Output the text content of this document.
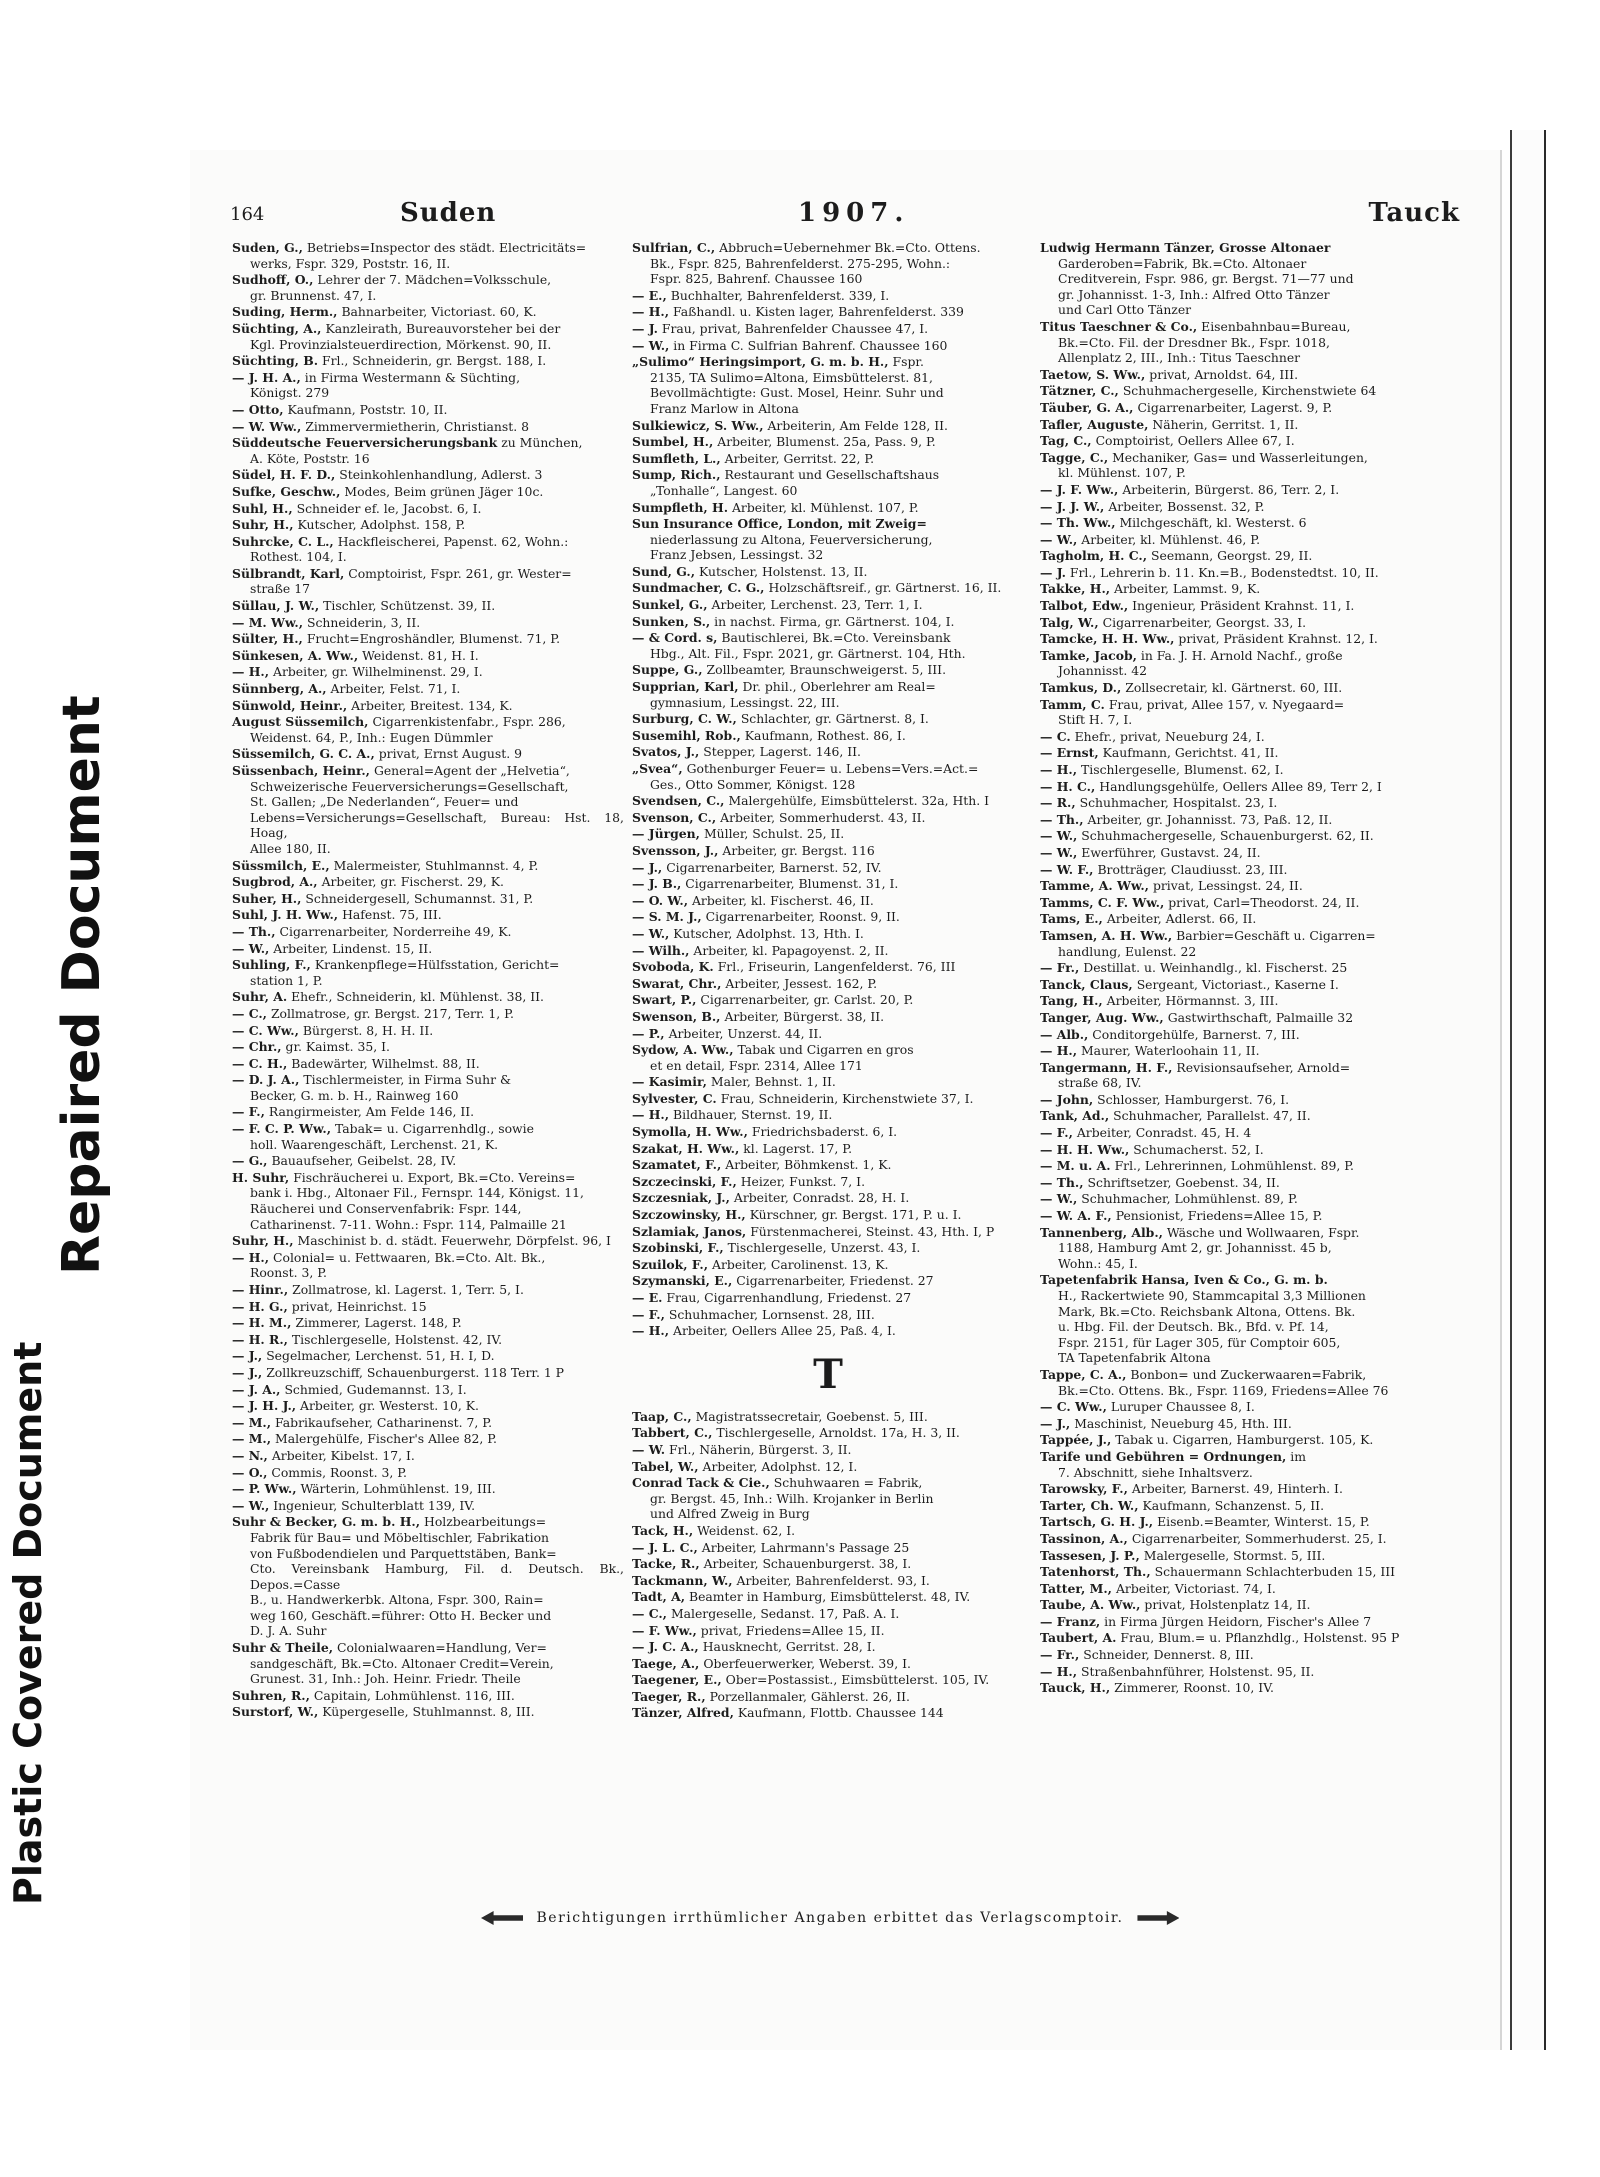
Plastic Covered Document
Repaired Document
164	Suden	1907.	Tauck
Suden, G., Betriebs=Inspector des städt. Electricitäts=
werks, Fspr. 329, Poststr. 16, II.
Sudhoff, O., Lehrer der 7. Mädchen=Volksschule,
gr. Brunnenst. 47, I.
Suding, Herm., Bahnarbeiter, Victoriast. 60, K.
Süchting, A., Kanzleirath, Bureauvorsteher bei der
Kgl. Provinzialsteuerdirection, Mörkenst. 90, II.
Süchting, B. Frl., Schneiderin, gr. Bergst. 188, I.
— J. H. A., in Firma Westermann & Süchting,
Königst. 279
— Otto, Kaufmann, Poststr. 10, II.
— W. Ww., Zimmervermietherin, Christianst. 8
Süddeutsche Feuerversicherungsbank zu München,
A. Köte, Poststr. 16
Südel, H. F. D., Steinkohlenhandlung, Adlerst. 3
Sufke, Geschw., Modes, Beim grünen Jäger 10c.
Suhl, H., Schneider ef. le, Jacobst. 6, I.
Suhr, H., Kutscher, Adolphst. 158, P.
Suhrcke, C. L., Hackfleischerei, Papenst. 62, Wohn.:
Rothest. 104, I.
Sülbrandt, Karl, Comptoirist, Fspr. 261, gr. Wester=
straße 17
Süllau, J. W., Tischler, Schützenst. 39, II.
— M. Ww., Schneiderin, 3, II.
Sülter, H., Frucht=Engroshändler, Blumenst. 71, P.
Sünkesen, A. Ww., Weidenst. 81, H. I.
— H., Arbeiter, gr. Wilhelminenst. 29, I.
Sünnberg, A., Arbeiter, Felst. 71, I.
Sünwold, Heinr., Arbeiter, Breitest. 134, K.
August Süssemilch, Cigarrenkistenfabr., Fspr. 286,
Weidenst. 64, P., Inh.: Eugen Dümmler
Süssemilch, G. C. A., privat, Ernst August. 9
Süssenbach, Heinr., General=Agent der „Helvetia“,
Schweizerische Feuerversicherungs=Gesellschaft,
St. Gallen; „De Nederlanden“, Feuer= und
Lebens=Versicherungs=Gesellschaft, Bureau: Hst. 18, Hoag,
Allee 180, II.
Süssmilch, E., Malermeister, Stuhlmannst. 4, P.
Sugbrod, A., Arbeiter, gr. Fischerst. 29, K.
Suher, H., Schneidergesell, Schumannst. 31, P.
Suhl, J. H. Ww., Hafenst. 75, III.
— Th., Cigarrenarbeiter, Norderreihe 49, K.
— W., Arbeiter, Lindenst. 15, II.
Suhling, F., Krankenpflege=Hülfsstation, Gericht=
station 1, P.
Suhr, A. Ehefr., Schneiderin, kl. Mühlenst. 38, II.
— C., Zollmatrose, gr. Bergst. 217, Terr. 1, P.
— C. Ww., Bürgerst. 8, H. H. II.
— Chr., gr. Kaimst. 35, I.
— C. H., Badewärter, Wilhelmst. 88, II.
— D. J. A., Tischlermeister, in Firma Suhr &
Becker, G. m. b. H., Rainweg 160
— F., Rangirmeister, Am Felde 146, II.
— F. C. P. Ww., Tabak= u. Cigarrenhdlg., sowie
holl. Waarengeschäft, Lerchenst. 21, K.
— G., Bauaufseher, Geibelst. 28, IV.
H. Suhr, Fischräucherei u. Export, Bk.=Cto. Vereins=
bank i. Hbg., Altonaer Fil., Fernspr. 144, Königst. 11,
Räucherei und Conservenfabrik: Fspr. 144,
Catharinenst. 7-11. Wohn.: Fspr. 114, Palmaille 21
Suhr, H., Maschinist b. d. städt. Feuerwehr, Dörpfelst. 96, I
— H., Colonial= u. Fettwaaren, Bk.=Cto. Alt. Bk.,
Roonst. 3, P.
— Hinr., Zollmatrose, kl. Lagerst. 1, Terr. 5, I.
— H. G., privat, Heinrichst. 15
— H. M., Zimmerer, Lagerst. 148, P.
— H. R., Tischlergeselle, Holstenst. 42, IV.
— J., Segelmacher, Lerchenst. 51, H. I, D.
— J., Zollkreuzschiff, Schauenburgerst. 118 Terr. 1 P
— J. A., Schmied, Gudemannst. 13, I.
— J. H. J., Arbeiter, gr. Westerst. 10, K.
— M., Fabrikaufseher, Catharinenst. 7, P.
— M., Malergehülfe, Fischer's Allee 82, P.
— N., Arbeiter, Kibelst. 17, I.
— O., Commis, Roonst. 3, P.
— P. Ww., Wärterin, Lohmühlenst. 19, III.
— W., Ingenieur, Schulterblatt 139, IV.
Suhr & Becker, G. m. b. H., Holzbearbeitungs=
Fabrik für Bau= und Möbeltischler, Fabrikation
von Fußbodendielen und Parquettstäben, Bank=
Cto. Vereinsbank Hamburg, Fil. d. Deutsch. Bk., Depos.=Casse
B., u. Handwerkerbk. Altona, Fspr. 300, Rain=
weg 160, Geschäft.=führer: Otto H. Becker und
D. J. A. Suhr
Suhr & Theile, Colonialwaaren=Handlung, Ver=
sandgeschäft, Bk.=Cto. Altonaer Credit=Verein,
Grunest. 31, Inh.: Joh. Heinr. Friedr. Theile
Suhren, R., Capitain, Lohmühlenst. 116, III.
Surstorf, W., Küpergeselle, Stuhlmannst. 8, III.
Sulfrian, C., Abbruch=Uebernehmer Bk.=Cto. Ottens.
Bk., Fspr. 825, Bahrenfelderst. 275-295, Wohn.:
Fspr. 825, Bahrenf. Chaussee 160
— E., Buchhalter, Bahrenfelderst. 339, I.
— H., Faßhandl. u. Kisten lager, Bahrenfelderst. 339
— J. Frau, privat, Bahrenfelder Chaussee 47, I.
— W., in Firma C. Sulfrian Bahrenf. Chaussee 160
„Sulimo“ Heringsimport, G. m. b. H., Fspr.
2135, TA Sulimo=Altona, Eimsbüttelerst. 81,
Bevollmächtigte: Gust. Mosel, Heinr. Suhr und
Franz Marlow in Altona
Sulkiewicz, S. Ww., Arbeiterin, Am Felde 128, II.
Sumbel, H., Arbeiter, Blumenst. 25a, Pass. 9, P.
Sumfleth, L., Arbeiter, Gerritst. 22, P.
Sump, Rich., Restaurant und Gesellschaftshaus
„Tonhalle“, Langest. 60
Sumpfleth, H. Arbeiter, kl. Mühlenst. 107, P.
Sun Insurance Office, London, mit Zweig=
niederlassung zu Altona, Feuerversicherung,
Franz Jebsen, Lessingst. 32
Sund, G., Kutscher, Holstenst. 13, II.
Sundmacher, C. G., Holzschäftsreif., gr. Gärtnerst. 16, II.
Sunkel, G., Arbeiter, Lerchenst. 23, Terr. 1, I.
Sunken, S., in nachst. Firma, gr. Gärtnerst. 104, I.
— & Cord. s, Bautischlerei, Bk.=Cto. Vereinsbank
Hbg., Alt. Fil., Fspr. 2021, gr. Gärtnerst. 104, Hth.
Suppe, G., Zollbeamter, Braunschweigerst. 5, III.
Supprian, Karl, Dr. phil., Oberlehrer am Real=
gymnasium, Lessingst. 22, III.
Surburg, C. W., Schlachter, gr. Gärtnerst. 8, I.
Susemihl, Rob., Kaufmann, Rothest. 86, I.
Svatos, J., Stepper, Lagerst. 146, II.
„Svea“, Gothenburger Feuer= u. Lebens=Vers.=Act.=
Ges., Otto Sommer, Königst. 128
Svendsen, C., Malergehülfe, Eimsbüttelerst. 32a, Hth. I
Svenson, C., Arbeiter, Sommerhuderst. 43, II.
— Jürgen, Müller, Schulst. 25, II.
Svensson, J., Arbeiter, gr. Bergst. 116
— J., Cigarrenarbeiter, Barnerst. 52, IV.
— J. B., Cigarrenarbeiter, Blumenst. 31, I.
— O. W., Arbeiter, kl. Fischerst. 46, II.
— S. M. J., Cigarrenarbeiter, Roonst. 9, II.
— W., Kutscher, Adolphst. 13, Hth. I.
— Wilh., Arbeiter, kl. Papagoyenst. 2, II.
Svoboda, K. Frl., Friseurin, Langenfelderst. 76, III
Swarat, Chr., Arbeiter, Jessest. 162, P.
Swart, P., Cigarrenarbeiter, gr. Carlst. 20, P.
Swenson, B., Arbeiter, Bürgerst. 38, II.
— P., Arbeiter, Unzerst. 44, II.
Sydow, A. Ww., Tabak und Cigarren en gros
et en detail, Fspr. 2314, Allee 171
— Kasimir, Maler, Behnst. 1, II.
Sylvester, C. Frau, Schneiderin, Kirchenstwiete 37, I.
— H., Bildhauer, Sternst. 19, II.
Symolla, H. Ww., Friedrichsbaderst. 6, I.
Szakat, H. Ww., kl. Lagerst. 17, P.
Szamatet, F., Arbeiter, Böhmkenst. 1, K.
Szczecinski, F., Heizer, Funkst. 7, I.
Szczesniak, J., Arbeiter, Conradst. 28, H. I.
Szczowinsky, H., Kürschner, gr. Bergst. 171, P. u. I.
Szlamiak, Janos, Fürstenmacherei, Steinst. 43, Hth. I, P
Szobinski, F., Tischlergeselle, Unzerst. 43, I.
Szuilok, F., Arbeiter, Carolinenst. 13, K.
Szymanski, E., Cigarrenarbeiter, Friedenst. 27
— E. Frau, Cigarrenhandlung, Friedenst. 27
— F., Schuhmacher, Lornsenst. 28, III.
— H., Arbeiter, Oellers Allee 25, Paß. 4, I.
T
Taap, C., Magistratssecretair, Goebenst. 5, III.
Tabbert, C., Tischlergeselle, Arnoldst. 17a, H. 3, II.
— W. Frl., Näherin, Bürgerst. 3, II.
Tabel, W., Arbeiter, Adolphst. 12, I.
Conrad Tack & Cie., Schuhwaaren = Fabrik,
gr. Bergst. 45, Inh.: Wilh. Krojanker in Berlin
und Alfred Zweig in Burg
Tack, H., Weidenst. 62, I.
— J. L. C., Arbeiter, Lahrmann's Passage 25
Tacke, R., Arbeiter, Schauenburgerst. 38, I.
Tackmann, W., Arbeiter, Bahrenfelderst. 93, I.
Tadt, A, Beamter in Hamburg, Eimsbüttelerst. 48, IV.
— C., Malergeselle, Sedanst. 17, Paß. A. I.
— F. Ww., privat, Friedens=Allee 15, II.
— J. C. A., Hausknecht, Gerritst. 28, I.
Taege, A., Oberfeuerwerker, Weberst. 39, I.
Taegener, E., Ober=Postassist., Eimsbüttelerst. 105, IV.
Taeger, R., Porzellanmaler, Gählerst. 26, II.
Tänzer, Alfred, Kaufmann, Flottb. Chaussee 144
Ludwig Hermann Tänzer, Grosse Altonaer
Garderoben=Fabrik, Bk.=Cto. Altonaer
Creditverein, Fspr. 986, gr. Bergst. 71—77 und
gr. Johannisst. 1-3, Inh.: Alfred Otto Tänzer
und Carl Otto Tänzer
Titus Taeschner & Co., Eisenbahnbau=Bureau,
Bk.=Cto. Fil. der Dresdner Bk., Fspr. 1018,
Allenplatz 2, III., Inh.: Titus Taeschner
Taetow, S. Ww., privat, Arnoldst. 64, III.
Tätzner, C., Schuhmachergeselle, Kirchenstwiete 64
Täuber, G. A., Cigarrenarbeiter, Lagerst. 9, P.
Tafler, Auguste, Näherin, Gerritst. 1, II.
Tag, C., Comptoirist, Oellers Allee 67, I.
Tagge, C., Mechaniker, Gas= und Wasserleitungen,
kl. Mühlenst. 107, P.
— J. F. Ww., Arbeiterin, Bürgerst. 86, Terr. 2, I.
— J. J. W., Arbeiter, Bossenst. 32, P.
— Th. Ww., Milchgeschäft, kl. Westerst. 6
— W., Arbeiter, kl. Mühlenst. 46, P.
Tagholm, H. C., Seemann, Georgst. 29, II.
— J. Frl., Lehrerin b. 11. Kn.=B., Bodenstedtst. 10, II.
Takke, H., Arbeiter, Lammst. 9, K.
Talbot, Edw., Ingenieur, Präsident Krahnst. 11, I.
Talg, W., Cigarrenarbeiter, Georgst. 33, I.
Tamcke, H. H. Ww., privat, Präsident Krahnst. 12, I.
Tamke, Jacob, in Fa. J. H. Arnold Nachf., große
Johannisst. 42
Tamkus, D., Zollsecretair, kl. Gärtnerst. 60, III.
Tamm, C. Frau, privat, Allee 157, v. Nyegaard=
Stift H. 7, I.
— C. Ehefr., privat, Neueburg 24, I.
— Ernst, Kaufmann, Gerichtst. 41, II.
— H., Tischlergeselle, Blumenst. 62, I.
— H. C., Handlungsgehülfe, Oellers Allee 89, Terr 2, I
— R., Schuhmacher, Hospitalst. 23, I.
— Th., Arbeiter, gr. Johannisst. 73, Paß. 12, II.
— W., Schuhmachergeselle, Schauenburgerst. 62, II.
— W., Ewerführer, Gustavst. 24, II.
— W. F., Brotträger, Claudiusst. 23, III.
Tamme, A. Ww., privat, Lessingst. 24, II.
Tamms, C. F. Ww., privat, Carl=Theodorst. 24, II.
Tams, E., Arbeiter, Adlerst. 66, II.
Tamsen, A. H. Ww., Barbier=Geschäft u. Cigarren=
handlung, Eulenst. 22
— Fr., Destillat. u. Weinhandlg., kl. Fischerst. 25
Tanck, Claus, Sergeant, Victoriast., Kaserne I.
Tang, H., Arbeiter, Hörmannst. 3, III.
Tanger, Aug. Ww., Gastwirthschaft, Palmaille 32
— Alb., Conditorgehülfe, Barnerst. 7, III.
— H., Maurer, Waterloohain 11, II.
Tangermann, H. F., Revisionsaufseher, Arnold=
straße 68, IV.
— John, Schlosser, Hamburgerst. 76, I.
Tank, Ad., Schuhmacher, Parallelst. 47, II.
— F., Arbeiter, Conradst. 45, H. 4
— H. H. Ww., Schumacherst. 52, I.
— M. u. A. Frl., Lehrerinnen, Lohmühlenst. 89, P.
— Th., Schriftsetzer, Goebenst. 34, II.
— W., Schuhmacher, Lohmühlenst. 89, P.
— W. A. F., Pensionist, Friedens=Allee 15, P.
Tannenberg, Alb., Wäsche und Wollwaaren, Fspr.
1188, Hamburg Amt 2, gr. Johannisst. 45 b,
Wohn.: 45, I.
Tapetenfabrik Hansa, Iven & Co., G. m. b.
H., Rackertwiete 90, Stammcapital 3,3 Millionen
Mark, Bk.=Cto. Reichsbank Altona, Ottens. Bk.
u. Hbg. Fil. der Deutsch. Bk., Bfd. v. Pf. 14,
Fspr. 2151, für Lager 305, für Comptoir 605,
TA Tapetenfabrik Altona
Tappe, C. A., Bonbon= und Zuckerwaaren=Fabrik,
Bk.=Cto. Ottens. Bk., Fspr. 1169, Friedens=Allee 76
— C. Ww., Luruper Chaussee 8, I.
— J., Maschinist, Neueburg 45, Hth. III.
Tappée, J., Tabak u. Cigarren, Hamburgerst. 105, K.
Tarife und Gebühren = Ordnungen, im
7. Abschnitt, siehe Inhaltsverz.
Tarowsky, F., Arbeiter, Barnerst. 49, Hinterh. I.
Tarter, Ch. W., Kaufmann, Schanzenst. 5, II.
Tartsch, G. H. J., Eisenb.=Beamter, Winterst. 15, P.
Tassinon, A., Cigarrenarbeiter, Sommerhuderst. 25, I.
Tassesen, J. P., Malergeselle, Stormst. 5, III.
Tatenhorst, Th., Schauermann Schlachterbuden 15, III
Tatter, M., Arbeiter, Victoriast. 74, I.
Taube, A. Ww., privat, Holstenplatz 14, II.
— Franz, in Firma Jürgen Heidorn, Fischer's Allee 7
Taubert, A. Frau, Blum.= u. Pflanzhdlg., Holstenst. 95 P
— Fr., Schneider, Dennerst. 8, III.
— H., Straßenbahnführer, Holstenst. 95, II.
Tauck, H., Zimmerer, Roonst. 10, IV.
Berichtigungen irrthümlicher Angaben erbittet das Verlagscomptoir.
